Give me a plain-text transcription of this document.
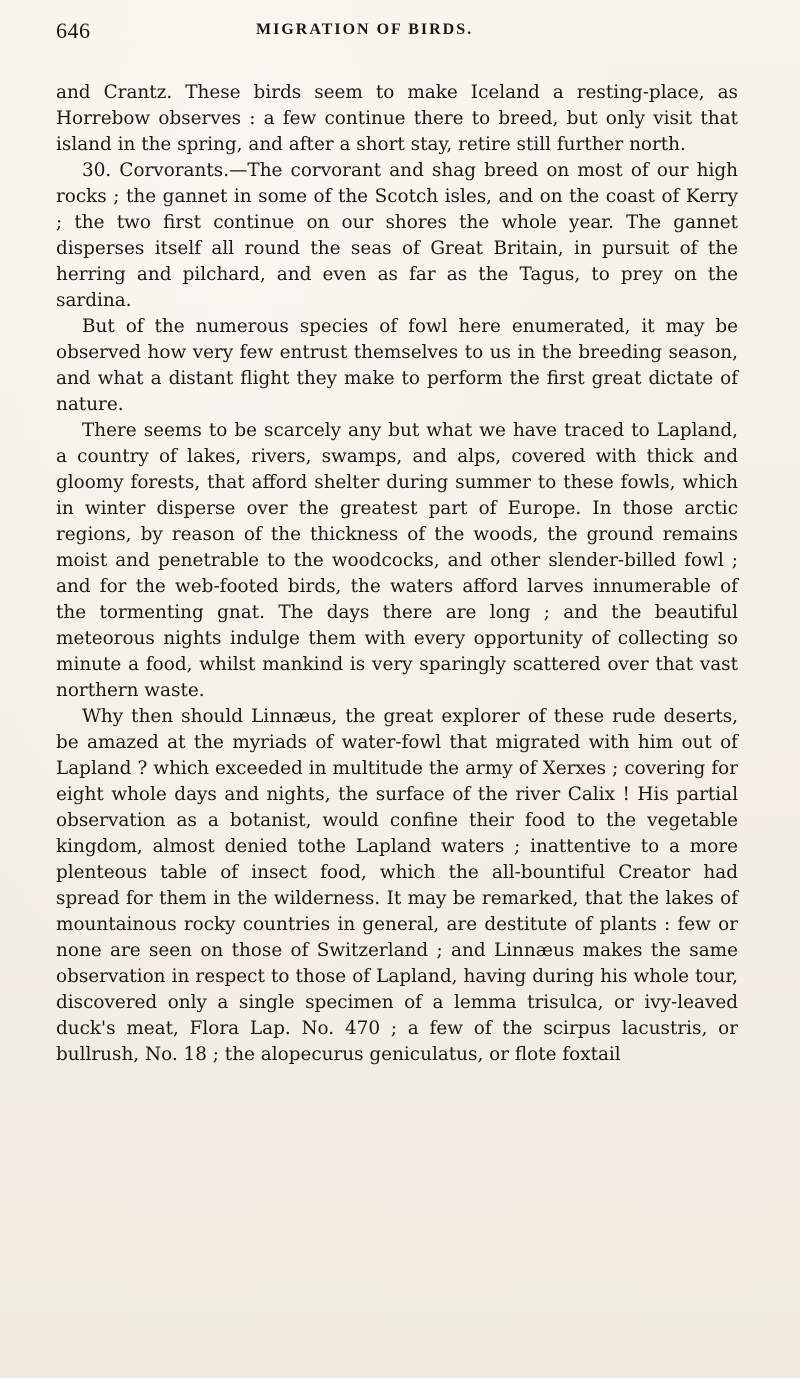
646	MIGRATION OF BIRDS.

and Crantz. These birds seem to make Iceland a resting-place, as Horrebow observes : a few continue there to breed, but only visit that island in the spring, and after a short stay, retire still further north.

30. Corvorants.—The corvorant and shag breed on most of our high rocks ; the gannet in some of the Scotch isles, and on the coast of Kerry ; the two first continue on our shores the whole year. The gannet disperses itself all round the seas of Great Britain, in pursuit of the herring and pilchard, and even as far as the Tagus, to prey on the sardina.

But of the numerous species of fowl here enumerated, it may be observed how very few entrust themselves to us in the breeding season, and what a distant flight they make to perform the first great dictate of nature.

There seems to be scarcely any but what we have traced to Lapland, a country of lakes, rivers, swamps, and alps, covered with thick and gloomy forests, that afford shelter during summer to these fowls, which in winter disperse over the greatest part of Europe. In those arctic regions, by reason of the thickness of the woods, the ground remains moist and penetrable to the woodcocks, and other slender-billed fowl ; and for the web-footed birds, the waters afford larves innumerable of the tormenting gnat. The days there are long ; and the beautiful meteorous nights indulge them with every opportunity of collecting so minute a food, whilst mankind is very sparingly scattered over that vast northern waste.

Why then should Linnæus, the great explorer of these rude deserts, be amazed at the myriads of water-fowl that migrated with him out of Lapland ? which exceeded in multitude the army of Xerxes ; covering for eight whole days and nights, the surface of the river Calix ! His partial observation as a botanist, would confine their food to the vegetable kingdom, almost denied tothe Lapland waters ; inattentive to a more plenteous table of insect food, which the all-bountiful Creator had spread for them in the wilderness. It may be remarked, that the lakes of mountainous rocky countries in general, are destitute of plants : few or none are seen on those of Switzerland ; and Linnæus makes the same observation in respect to those of Lapland, having during his whole tour, discovered only a single specimen of a lemma trisulca, or ivy-leaved duck's meat, Flora Lap. No. 470 ; a few of the scirpus lacustris, or bullrush, No. 18 ; the alopecurus geniculatus, or flote foxtail
